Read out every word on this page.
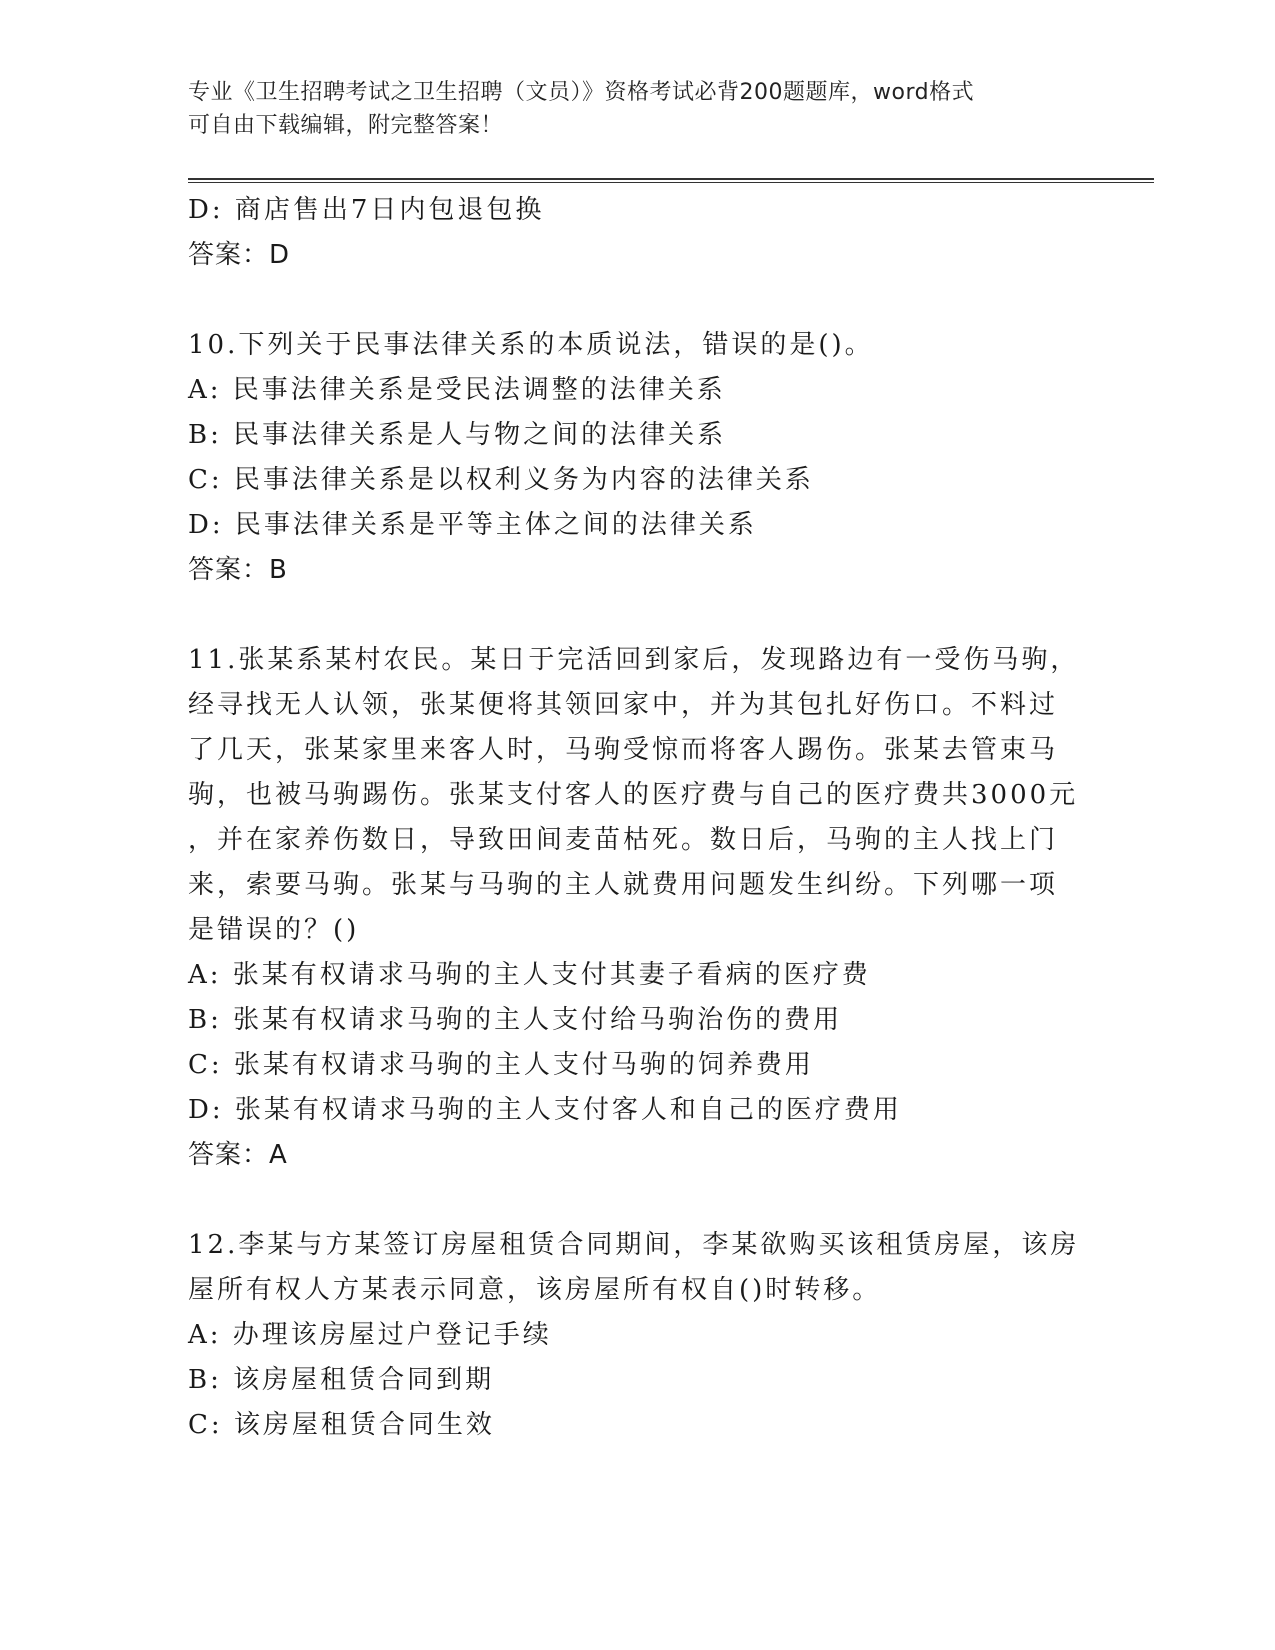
专业《卫生招聘考试之卫生招聘（文员）》资格考试必背200题题库，word格式
可自由下载编辑，附完整答案！
D: 商店售出7日内包退包换
答案：D
10.下列关于民事法律关系的本质说法，错误的是()。
A: 民事法律关系是受民法调整的法律关系
B: 民事法律关系是人与物之间的法律关系
C: 民事法律关系是以权利义务为内容的法律关系
D: 民事法律关系是平等主体之间的法律关系
答案：B
11.张某系某村农民。某日于完活回到家后，发现路边有一受伤马驹，
经寻找无人认领，张某便将其领回家中，并为其包扎好伤口。不料过
了几天，张某家里来客人时，马驹受惊而将客人踢伤。张某去管束马
驹，也被马驹踢伤。张某支付客人的医疗费与自己的医疗费共3000元
，并在家养伤数日，导致田间麦苗枯死。数日后，马驹的主人找上门
来，索要马驹。张某与马驹的主人就费用问题发生纠纷。下列哪一项
是错误的？()
A: 张某有权请求马驹的主人支付其妻子看病的医疗费
B: 张某有权请求马驹的主人支付给马驹治伤的费用
C: 张某有权请求马驹的主人支付马驹的饲养费用
D: 张某有权请求马驹的主人支付客人和自己的医疗费用
答案：A
12.李某与方某签订房屋租赁合同期间，李某欲购买该租赁房屋，该房
屋所有权人方某表示同意，该房屋所有权自()时转移。
A: 办理该房屋过户登记手续
B: 该房屋租赁合同到期
C: 该房屋租赁合同生效
